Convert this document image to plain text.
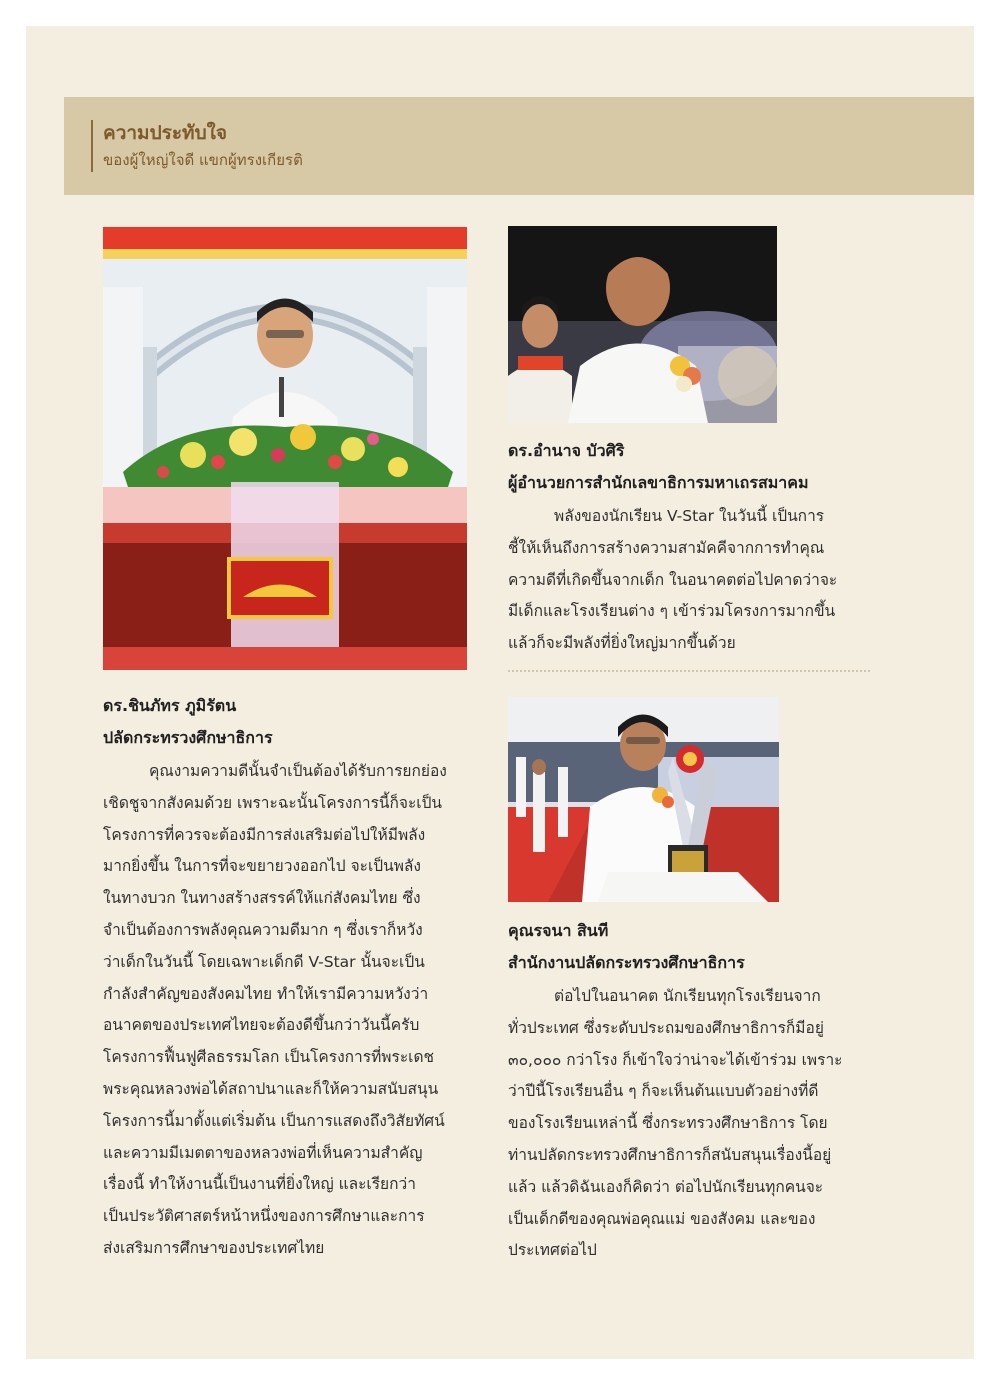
ความประทับใจ
ของผู้ใหญ่ใจดี แขกผู้ทรงเกียรติ
ดร.อำนาจ บัวศิริ
ผู้อำนวยการสำนักเลขาธิการมหาเถรสมาคม
พลังของนักเรียน V-Star ในวันนี้ เป็นการ
ชี้ให้เห็นถึงการสร้างความสามัคคีจากการทำคุณ
ความดีที่เกิดขึ้นจากเด็ก ในอนาคตต่อไปคาดว่าจะ
มีเด็กและโรงเรียนต่าง ๆ เข้าร่วมโครงการมากขึ้น
แล้วก็จะมีพลังที่ยิ่งใหญ่มากขึ้นด้วย
คุณรจนา สินที
สำนักงานปลัดกระทรวงศึกษาธิการ
ต่อไปในอนาคต นักเรียนทุกโรงเรียนจาก
ทั่วประเทศ ซึ่งระดับประถมของศึกษาธิการก็มีอยู่
๓๐,๐๐๐ กว่าโรง ก็เข้าใจว่าน่าจะได้เข้าร่วม เพราะ
ว่าปีนี้โรงเรียนอื่น ๆ ก็จะเห็นต้นแบบตัวอย่างที่ดี
ของโรงเรียนเหล่านี้ ซึ่งกระทรวงศึกษาธิการ โดย
ท่านปลัดกระทรวงศึกษาธิการก็สนับสนุนเรื่องนี้อยู่
แล้ว แล้วดิฉันเองก็คิดว่า ต่อไปนักเรียนทุกคนจะ
เป็นเด็กดีของคุณพ่อคุณแม่ ของสังคม และของ
ประเทศต่อไป
ดร.ชินภัทร ภูมิรัตน
ปลัดกระทรวงศึกษาธิการ
คุณงามความดีนั้นจำเป็นต้องได้รับการยกย่อง
เชิดชูจากสังคมด้วย เพราะฉะนั้นโครงการนี้ก็จะเป็น
โครงการที่ควรจะต้องมีการส่งเสริมต่อไปให้มีพลัง
มากยิ่งขึ้น ในการที่จะขยายวงออกไป จะเป็นพลัง
ในทางบวก ในทางสร้างสรรค์ให้แก่สังคมไทย ซึ่ง
จำเป็นต้องการพลังคุณความดีมาก ๆ ซึ่งเราก็หวัง
ว่าเด็กในวันนี้ โดยเฉพาะเด็กดี V-Star นั้นจะเป็น
กำลังสำคัญของสังคมไทย ทำให้เรามีความหวังว่า
อนาคตของประเทศไทยจะต้องดีขึ้นกว่าวันนี้ครับ
โครงการฟื้นฟูศีลธรรมโลก เป็นโครงการที่พระเดช
พระคุณหลวงพ่อได้สถาปนาและก็ให้ความสนับสนุน
โครงการนี้มาตั้งแต่เริ่มต้น เป็นการแสดงถึงวิสัยทัศน์
และความมีเมตตาของหลวงพ่อที่เห็นความสำคัญ
เรื่องนี้ ทำให้งานนี้เป็นงานที่ยิ่งใหญ่ และเรียกว่า
เป็นประวัติศาสตร์หน้าหนึ่งของการศึกษาและการ
ส่งเสริมการศึกษาของประเทศไทย
